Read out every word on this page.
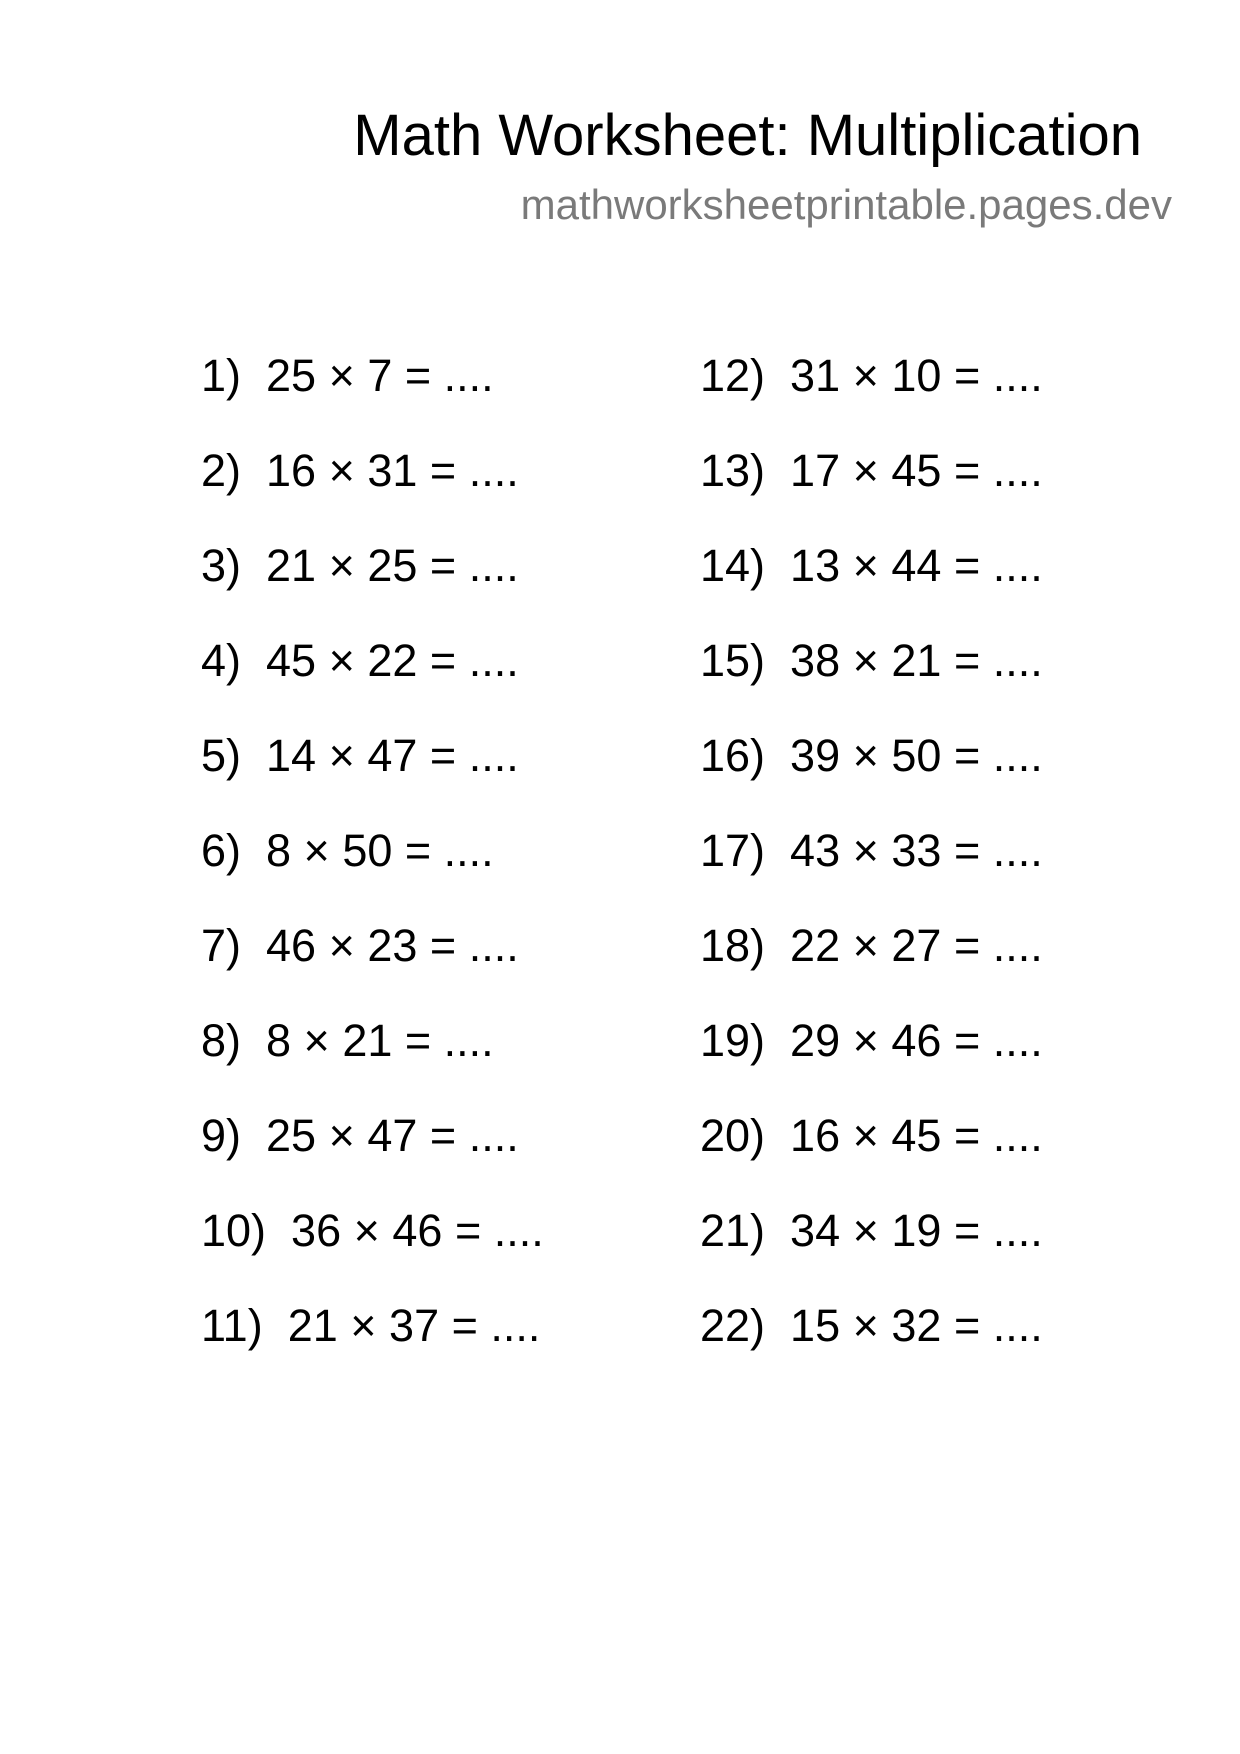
Math Worksheet: Multiplication
mathworksheetprintable.pages.dev
1)  25 × 7 = ....
2)  16 × 31 = ....
3)  21 × 25 = ....
4)  45 × 22 = ....
5)  14 × 47 = ....
6)  8 × 50 = ....
7)  46 × 23 = ....
8)  8 × 21 = ....
9)  25 × 47 = ....
10)  36 × 46 = ....
11)  21 × 37 = ....
12)  31 × 10 = ....
13)  17 × 45 = ....
14)  13 × 44 = ....
15)  38 × 21 = ....
16)  39 × 50 = ....
17)  43 × 33 = ....
18)  22 × 27 = ....
19)  29 × 46 = ....
20)  16 × 45 = ....
21)  34 × 19 = ....
22)  15 × 32 = ....
